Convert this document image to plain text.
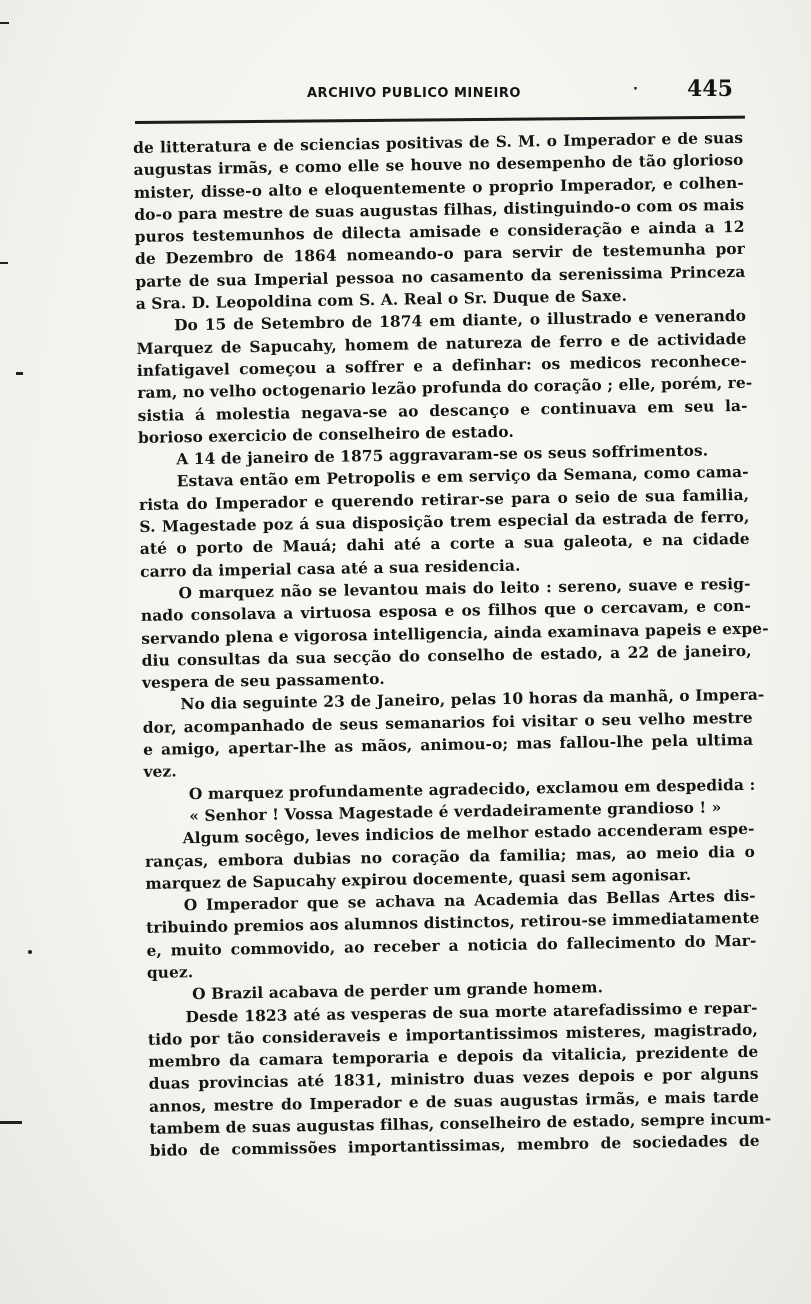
ARCHIVO PUBLICO MINEIRO	· 445
de litteratura e de sciencias positivas de S. M. o Imperador e de suas
augustas irmãs, e como elle se houve no desempenho de tão glorioso
mister, disse-o alto e eloquentemente o proprio Imperador, e colhen-
do-o para mestre de suas augustas filhas, distinguindo-o com os mais
puros testemunhos de dilecta amisade e consideração e ainda a 12
de Dezembro de 1864 nomeando-o para servir de testemunha por
parte de sua Imperial pessoa no casamento da serenissima Princeza
a Sra. D. Leopoldina com S. A. Real o Sr. Duque de Saxe.
Do 15 de Setembro de 1874 em diante, o illustrado e venerando
Marquez de Sapucahy, homem de natureza de ferro e de actividade
infatigavel começou a soffrer e a definhar: os medicos reconhece-
ram, no velho octogenario lezão profunda do coração ; elle, porém, re-
sistia á molestia negava-se ao descanço e continuava em seu la-
borioso exercicio de conselheiro de estado.
A 14 de janeiro de 1875 aggravaram-se os seus soffrimentos.
Estava então em Petropolis e em serviço da Semana, como cama-
rista do Imperador e querendo retirar-se para o seio de sua familia,
S. Magestade poz á sua disposição trem especial da estrada de ferro,
até o porto de Mauá; dahi até a corte a sua galeota, e na cidade
carro da imperial casa até a sua residencia.
O marquez não se levantou mais do leito : sereno, suave e resig-
nado consolava a virtuosa esposa e os filhos que o cercavam, e con-
servando plena e vigorosa intelligencia, ainda examinava papeis e expe-
diu consultas da sua secção do conselho de estado, a 22 de janeiro,
vespera de seu passamento.
No dia seguinte 23 de Janeiro, pelas 10 horas da manhã, o Impera-
dor, acompanhado de seus semanarios foi visitar o seu velho mestre
e amigo, apertar-lhe as mãos, animou-o; mas fallou-lhe pela ultima
vez.
O marquez profundamente agradecido, exclamou em despedida :
« Senhor ! Vossa Magestade é verdadeiramente grandioso ! »
Algum socêgo, leves indicios de melhor estado accenderam espe-
ranças, embora dubias no coração da familia; mas, ao meio dia o
marquez de Sapucahy expirou docemente, quasi sem agonisar.
O Imperador que se achava na Academia das Bellas Artes dis-
tribuindo premios aos alumnos distinctos, retirou-se immediatamente
e, muito commovido, ao receber a noticia do fallecimento do Mar-
quez.
O Brazil acabava de perder um grande homem.
Desde 1823 até as vesperas de sua morte atarefadissimo e repar-
tido por tão consideraveis e importantissimos misteres, magistrado,
membro da camara temporaria e depois da vitalicia, prezidente de
duas provincias até 1831, ministro duas vezes depois e por alguns
annos, mestre do Imperador e de suas augustas irmãs, e mais tarde
tambem de suas augustas filhas, conselheiro de estado, sempre incum-
bido de commissões importantissimas, membro de sociedades de
